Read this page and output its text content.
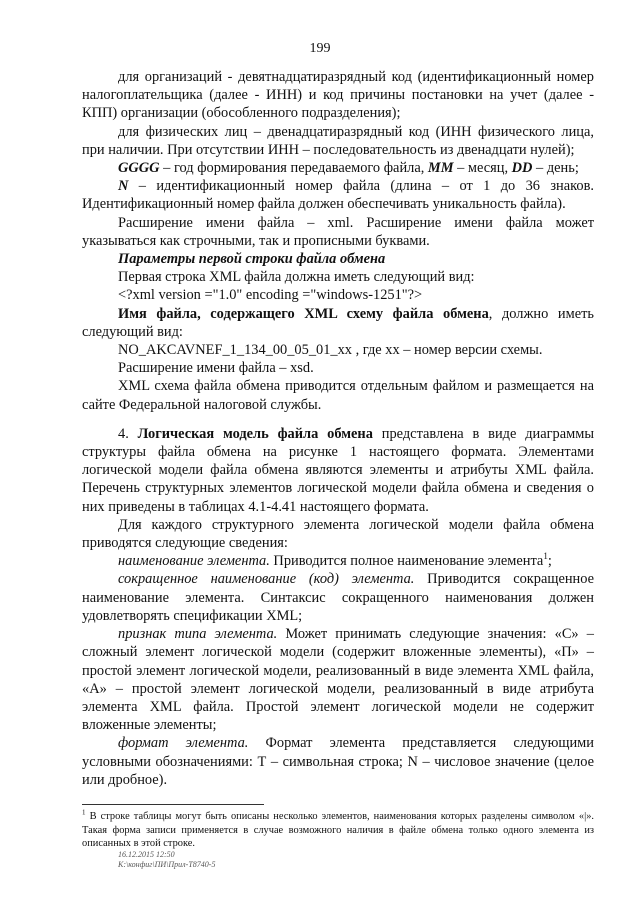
199

для организаций - девятнадцатиразрядный код (идентификационный номер налогоплательщика (далее - ИНН) и код причины постановки на учет (далее - КПП) организации (обособленного подразделения);

для физических лиц – двенадцатиразрядный код (ИНН физического лица, при наличии. При отсутствии ИНН – последовательность из двенадцати нулей);

GGGG – год формирования передаваемого файла, MM – месяц, DD – день;

N – идентификационный номер файла (длина – от 1 до 36 знаков. Идентификационный номер файла должен обеспечивать уникальность файла).

Расширение имени файла – xml. Расширение имени файла может указываться как строчными, так и прописными буквами.

Параметры первой строки файла обмена

Первая строка XML файла должна иметь следующий вид:

<?xml version ="1.0" encoding ="windows-1251"?>

Имя файла, содержащего XML схему файла обмена, должно иметь следующий вид:

NO_AKCAVNEF_1_134_00_05_01_xx , где хх – номер версии схемы.

Расширение имени файла – xsd.

XML схема файла обмена приводится отдельным файлом и размещается на сайте Федеральной налоговой службы.

4. Логическая модель файла обмена представлена в виде диаграммы структуры файла обмена на рисунке 1 настоящего формата. Элементами логической модели файла обмена являются элементы и атрибуты XML файла. Перечень структурных элементов логической модели файла обмена и сведения о них приведены в таблицах 4.1-4.41 настоящего формата.

Для каждого структурного элемента логической модели файла обмена приводятся следующие сведения:

наименование элемента. Приводится полное наименование элемента$^1$;

сокращенное наименование (код) элемента. Приводится сокращенное наименование элемента. Синтаксис сокращенного наименования должен удовлетворять спецификации XML;

признак типа элемента. Может принимать следующие значения: «С» – сложный элемент логической модели (содержит вложенные элементы), «П» – простой элемент логической модели, реализованный в виде элемента XML файла, «А» – простой элемент логической модели, реализованный в виде атрибута элемента XML файла. Простой элемент логической модели не содержит вложенные элементы;

формат элемента. Формат элемента представляется следующими условными обозначениями: Т – символьная строка; N – числовое значение (целое или дробное).

$^1$ В строке таблицы могут быть описаны несколько элементов, наименования которых разделены символом «|». Такая форма записи применяется в случае возможного наличия в файле обмена только одного элемента из описанных в этой строке.
16.12.2015 12:50
К:\конфиг\ПИ\Прил-Т8740-5
